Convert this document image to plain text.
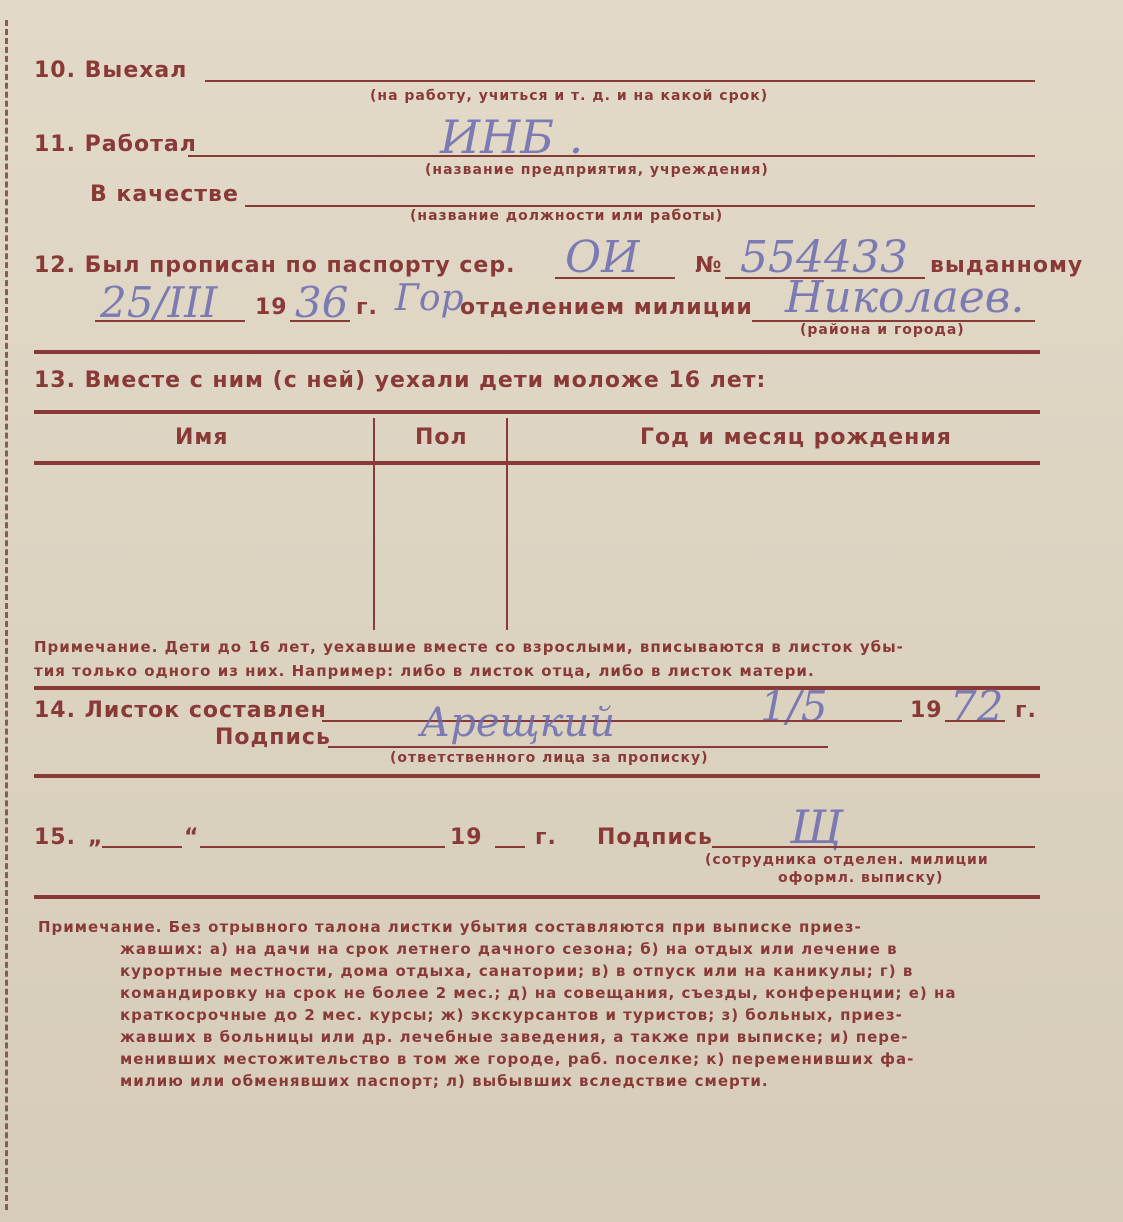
10. Выехал
(на работу, учиться и т. д. и на какой срок)
11. Работал	ИНБ .
(название предприятия, учреждения)
В качестве
(название должности или работы)
12. Был прописан по паспорту сер. ОИ	№ 554433 выданному
25/III 19 36 г. Гор
отделением милиции Николаев.
(района и города)
13. Вместе с ним (с ней) уехали дети моложе 16 лет:
Имя	Пол	Год и месяц рождения
Примечание. Дети до 16 лет, уехавшие вместе со взрослыми, вписываются в листок убы-
тия только одного из них. Например: либо в листок отца, либо в листок матери.
14. Листок составлен	1/5	19 72 г.
Подпись Арещкий
(ответственного лица за прописку)
15. „	“	19 г. Подпись Щ
(сотрудника отделен. милиции
оформл. выписку)
Примечание. Без отрывного талона листки убытия составляются при выписке приез-
жавших: а) на дачи на срок летнего дачного сезона; б) на отдых или лечение в
курортные местности, дома отдыха, санатории; в) в отпуск или на каникулы; г) в
командировку на срок не более 2 мес.; д) на совещания, съезды, конференции; е) на
краткосрочные до 2 мес. курсы; ж) экскурсантов и туристов; з) больных, приез-
жавших в больницы или др. лечебные заведения, а также при выписке; и) пере-
менивших местожительство в том же городе, раб. поселке; к) переменивших фа-
милию или обменявших паспорт; л) выбывших вследствие смерти.
